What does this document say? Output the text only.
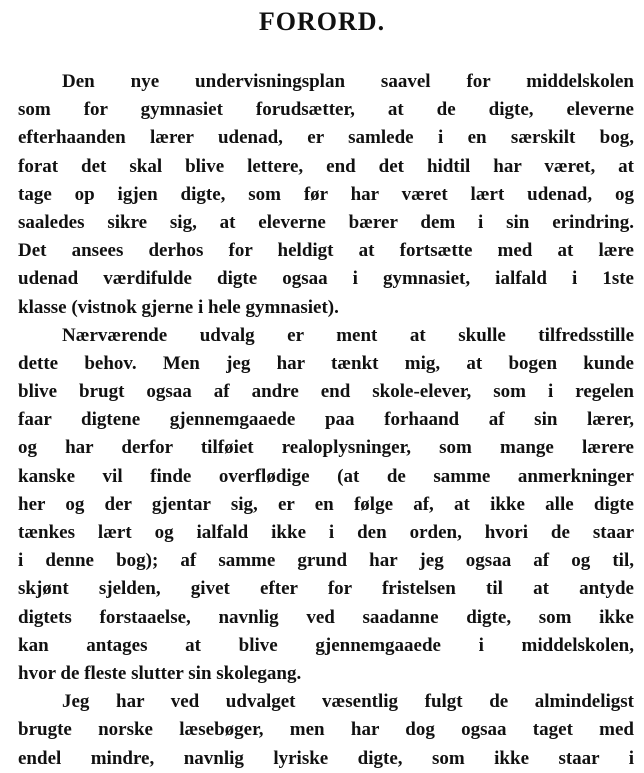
FORORD.
Den nye undervisningsplan saavel for middelskolen
som for gymnasiet forudsætter, at de digte, eleverne
efterhaanden lærer udenad, er samlede i en særskilt bog,
forat det skal blive lettere, end det hidtil har været, at
tage op igjen digte, som før har været lært udenad, og
saaledes sikre sig, at eleverne bærer dem i sin erindring.
Det ansees derhos for heldigt at fortsætte med at lære
udenad værdifulde digte ogsaa i gymnasiet, ialfald i 1ste
klasse (vistnok gjerne i hele gymnasiet).
Nærværende udvalg er ment at skulle tilfredsstille
dette behov. Men jeg har tænkt mig, at bogen kunde
blive brugt ogsaa af andre end skole-elever, som i regelen
faar digtene gjennemgaaede paa forhaand af sin lærer,
og har derfor tilføiet realoplysninger, som mange lærere
kanske vil finde overflødige (at de samme anmerkninger
her og der gjentar sig, er en følge af, at ikke alle digte
tænkes lært og ialfald ikke i den orden, hvori de staar
i denne bog); af samme grund har jeg ogsaa af og til,
skjønt sjelden, givet efter for fristelsen til at antyde
digtets forstaaelse, navnlig ved saadanne digte, som ikke
kan antages at blive gjennemgaaede i middelskolen,
hvor de fleste slutter sin skolegang.
Jeg har ved udvalget væsentlig fulgt de almindeligst
brugte norske læsebøger, men har dog ogsaa taget med
endel mindre, navnlig lyriske digte, som ikke staar i
